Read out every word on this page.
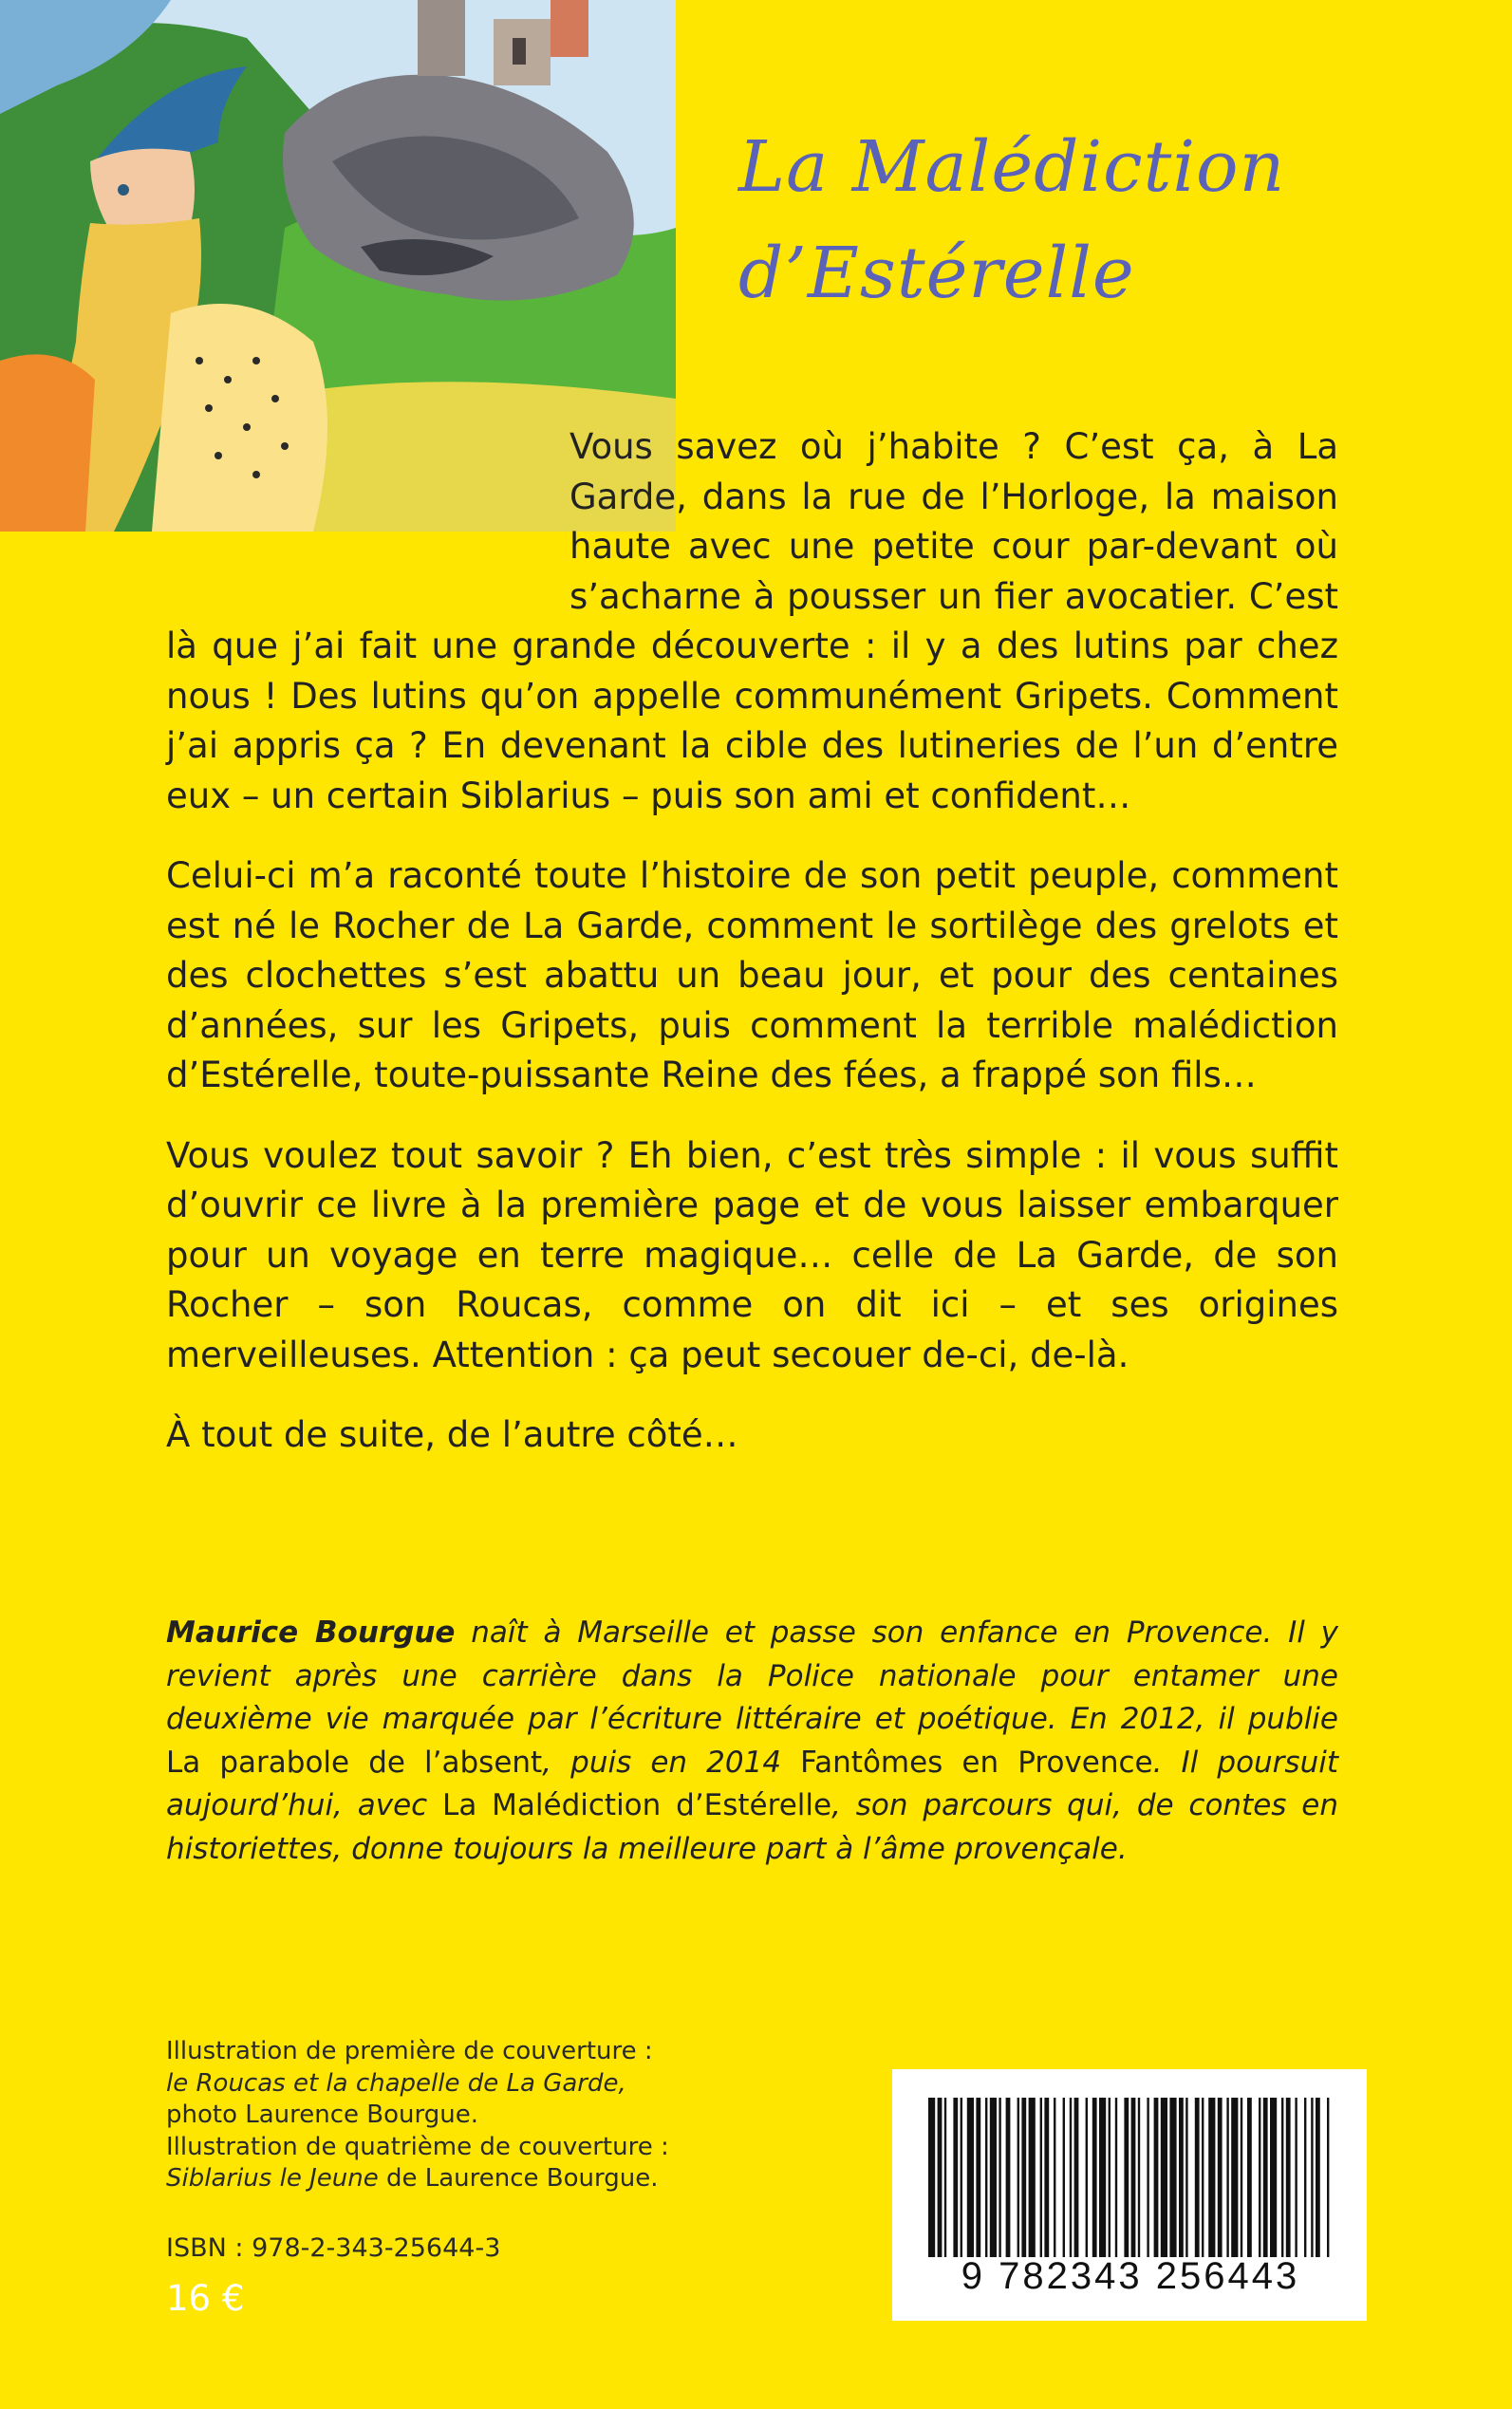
La Malédiction
d’Estérelle

Vous savez où j’habite ? C’est ça, à La Garde, dans la rue de l’Horloge, la maison haute avec une petite cour par-devant où s’acharne à pousser un fier avocatier. C’est là que j’ai fait une grande découverte : il y a des lutins par chez nous ! Des lutins qu’on appelle communément Gripets. Comment j’ai appris ça ? En devenant la cible des lutineries de l’un d’entre eux – un certain Siblarius – puis son ami et confident…

Celui-ci m’a raconté toute l’histoire de son petit peuple, comment est né le Rocher de La Garde, comment le sortilège des grelots et des clochettes s’est abattu un beau jour, et pour des centaines d’années, sur les Gripets, puis comment la terrible malédiction d’Estérelle, toute-puissante Reine des fées, a frappé son fils…

Vous voulez tout savoir ? Eh bien, c’est très simple : il vous suffit d’ouvrir ce livre à la première page et de vous laisser embarquer pour un voyage en terre magique… celle de La Garde, de son Rocher – son Roucas, comme on dit ici – et ses origines merveilleuses. Attention : ça peut secouer de-ci, de-là.

À tout de suite, de l’autre côté…

Maurice Bourgue naît à Marseille et passe son enfance en Provence. Il y revient après une carrière dans la Police nationale pour entamer une deuxième vie marquée par l’écriture littéraire et poétique. En 2012, il publie La parabole de l’absent, puis en 2014 Fantômes en Provence. Il poursuit aujourd’hui, avec La Malédiction d’Estérelle, son parcours qui, de contes en historiettes, donne toujours la meilleure part à l’âme provençale.
Illustration de première de couverture :
le Roucas et la chapelle de La Garde,
photo Laurence Bourgue.
Illustration de quatrième de couverture :
Siblarius le Jeune de Laurence Bourgue.
ISBN : 978-2-343-25644-3
16 €
9 782343 256443
